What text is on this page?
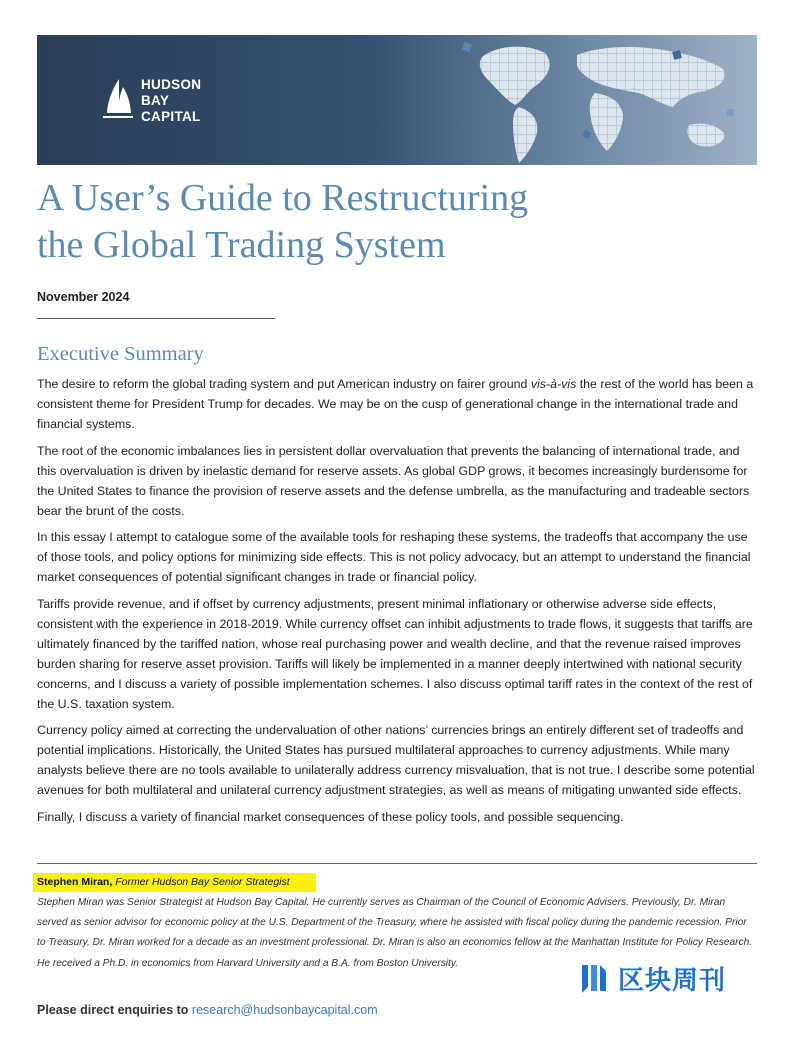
HUDSON
BAY
CAPITAL
A User’s Guide to Restructuring
the Global Trading System
November 2024
Executive Summary

The desire to reform the global trading system and put American industry on fairer ground vis-à-vis the rest of the world has been a consistent theme for President Trump for decades. We may be on the cusp of generational change in the international trade and financial systems.

The root of the economic imbalances lies in persistent dollar overvaluation that prevents the balancing of international trade, and this overvaluation is driven by inelastic demand for reserve assets. As global GDP grows, it becomes increasingly burdensome for the United States to finance the provision of reserve assets and the defense umbrella, as the manufacturing and tradeable sectors bear the brunt of the costs.

In this essay I attempt to catalogue some of the available tools for reshaping these systems, the tradeoffs that accompany the use of those tools, and policy options for minimizing side effects. This is not policy advocacy, but an attempt to understand the financial market consequences of potential significant changes in trade or financial policy.

Tariffs provide revenue, and if offset by currency adjustments, present minimal inflationary or otherwise adverse side effects, consistent with the experience in 2018-2019. While currency offset can inhibit adjustments to trade flows, it suggests that tariffs are ultimately financed by the tariffed nation, whose real purchasing power and wealth decline, and that the revenue raised improves burden sharing for reserve asset provision. Tariffs will likely be implemented in a manner deeply intertwined with national security concerns, and I discuss a variety of possible implementation schemes. I also discuss optimal tariff rates in the context of the rest of the U.S. taxation system.

Currency policy aimed at correcting the undervaluation of other nations’ currencies brings an entirely different set of tradeoffs and potential implications. Historically, the United States has pursued multilateral approaches to currency adjustments. While many analysts believe there are no tools available to unilaterally address currency misvaluation, that is not true. I describe some potential avenues for both multilateral and unilateral currency adjustment strategies, as well as means of mitigating unwanted side effects.

Finally, I discuss a variety of financial market consequences of these policy tools, and possible sequencing.

Stephen Miran, Former Hudson Bay Senior Strategist
Stephen Miran was Senior Strategist at Hudson Bay Capital. He currently serves as Chairman of the Council of Economic Advisers. Previously, Dr. Miran served as senior advisor for economic policy at the U.S. Department of the Treasury, where he assisted with fiscal policy during the pandemic recession. Prior to Treasury, Dr. Miran worked for a decade as an investment professional. Dr. Miran is also an economics fellow at the Manhattan Institute for Policy Research. He received a Ph.D. in economics from Harvard University and a B.A. from Boston University.
Please direct enquiries to research@hudsonbaycapital.com
区块周刊
